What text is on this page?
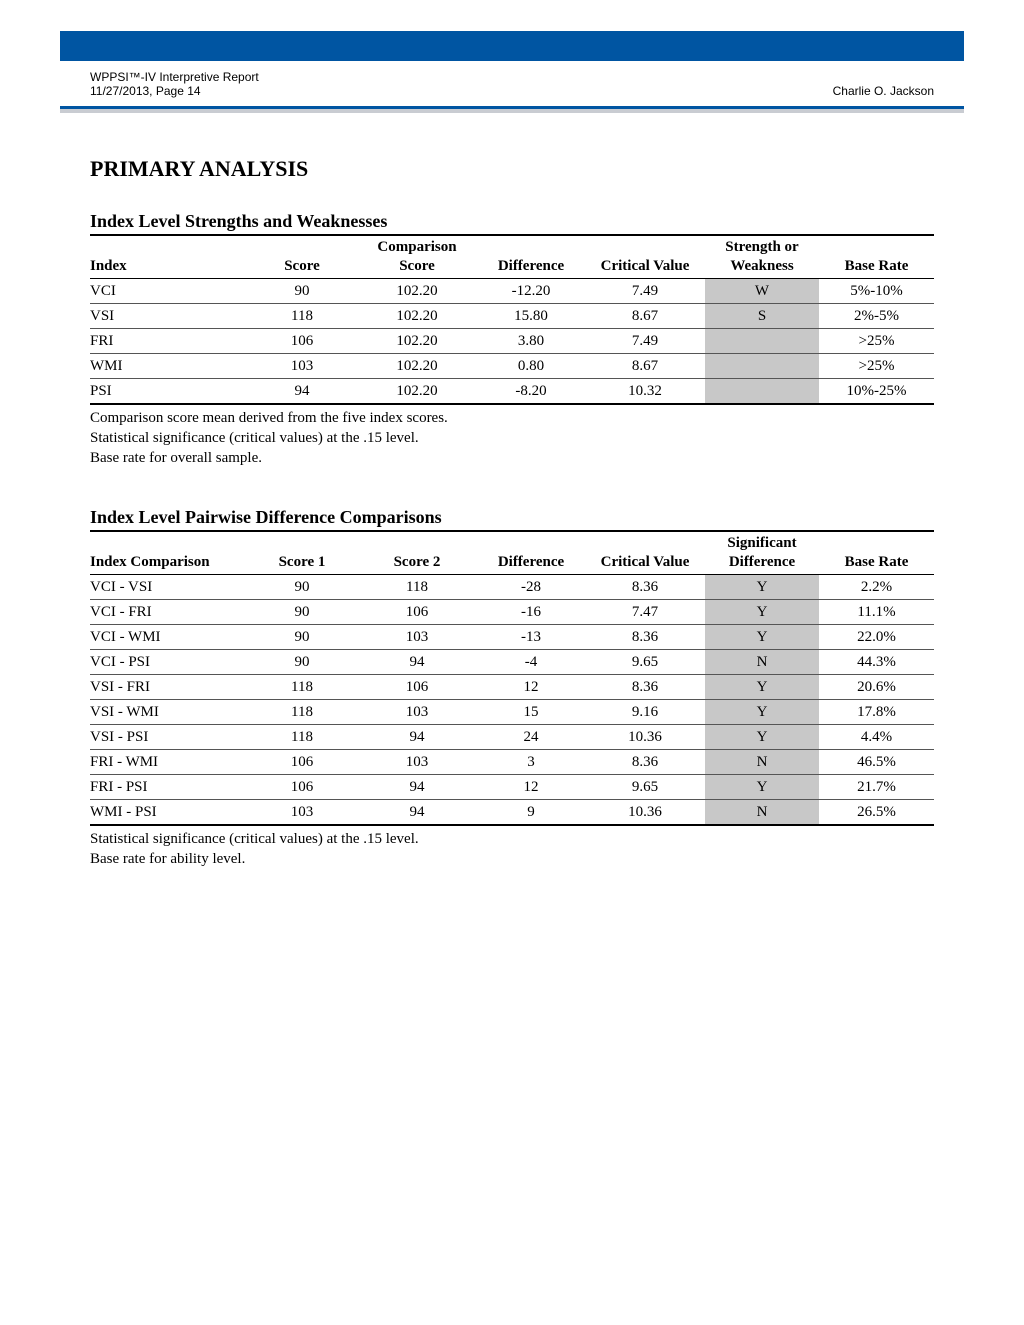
WPPSI™-IV Interpretive Report
11/27/2013, Page 14	Charlie O. Jackson
PRIMARY ANALYSIS
Index Level Strengths and Weaknesses
Index	Score	Comparison
Score	Difference	Critical Value	Strength or
Weakness	Base Rate
VCI	90	102.20	-12.20	7.49	W	5%-10%
VSI	118	102.20	15.80	8.67	S	2%-5%
FRI	106	102.20	3.80	7.49		>25%
WMI	103	102.20	0.80	8.67		>25%
PSI	94	102.20	-8.20	10.32		10%-25%
Comparison score mean derived from the five index scores.
Statistical significance (critical values) at the .15 level.
Base rate for overall sample.
Index Level Pairwise Difference Comparisons
Index Comparison	Score 1	Score 2	Difference	Critical Value	Significant
Difference	Base Rate
VCI - VSI	90	118	-28	8.36	Y	2.2%
VCI - FRI	90	106	-16	7.47	Y	11.1%
VCI - WMI	90	103	-13	8.36	Y	22.0%
VCI - PSI	90	94	-4	9.65	N	44.3%
VSI - FRI	118	106	12	8.36	Y	20.6%
VSI - WMI	118	103	15	9.16	Y	17.8%
VSI - PSI	118	94	24	10.36	Y	4.4%
FRI - WMI	106	103	3	8.36	N	46.5%
FRI - PSI	106	94	12	9.65	Y	21.7%
WMI - PSI	103	94	9	10.36	N	26.5%
Statistical significance (critical values) at the .15 level.
Base rate for ability level.
